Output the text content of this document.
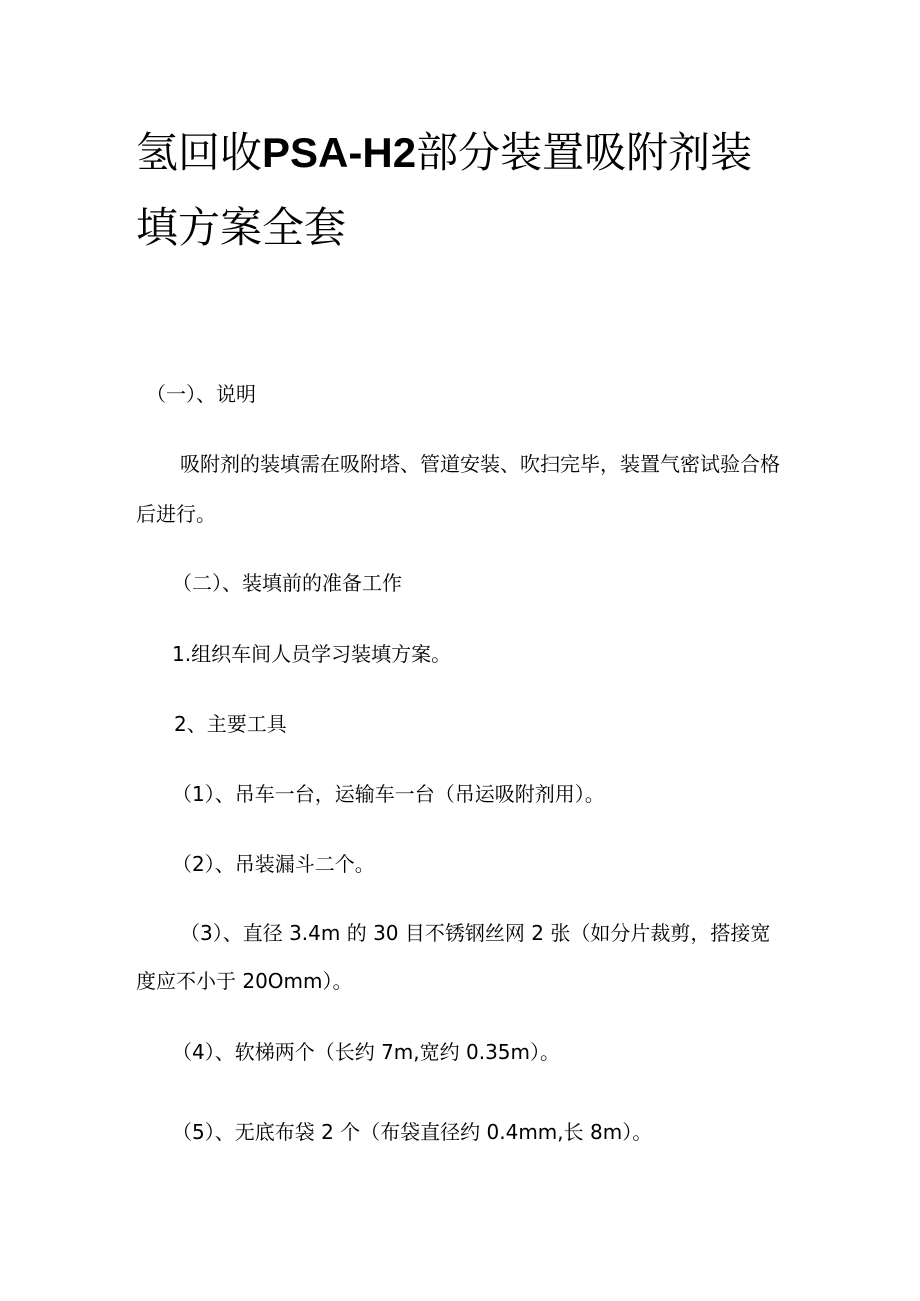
氢回收PSA-H2部分装置吸附剂装
填方案全套

（一）、说明

吸附剂的装填需在吸附塔、管道安装、吹扫完毕，装置气密试验合格

后进行。

（二）、装填前的准备工作

1.组织车间人员学习装填方案。

2、主要工具

（1）、吊车一台，运输车一台（吊运吸附剂用）。

（2）、吊装漏斗二个。

（3）、直径 3.4m 的 30 目不锈钢丝网 2 张（如分片裁剪，搭接宽

度应不小于 20Omm）。

（4）、软梯两个（长约 7m,宽约 0.35m）。

（5）、无底布袋 2 个（布袋直径约 0.4mm,长 8m）。
